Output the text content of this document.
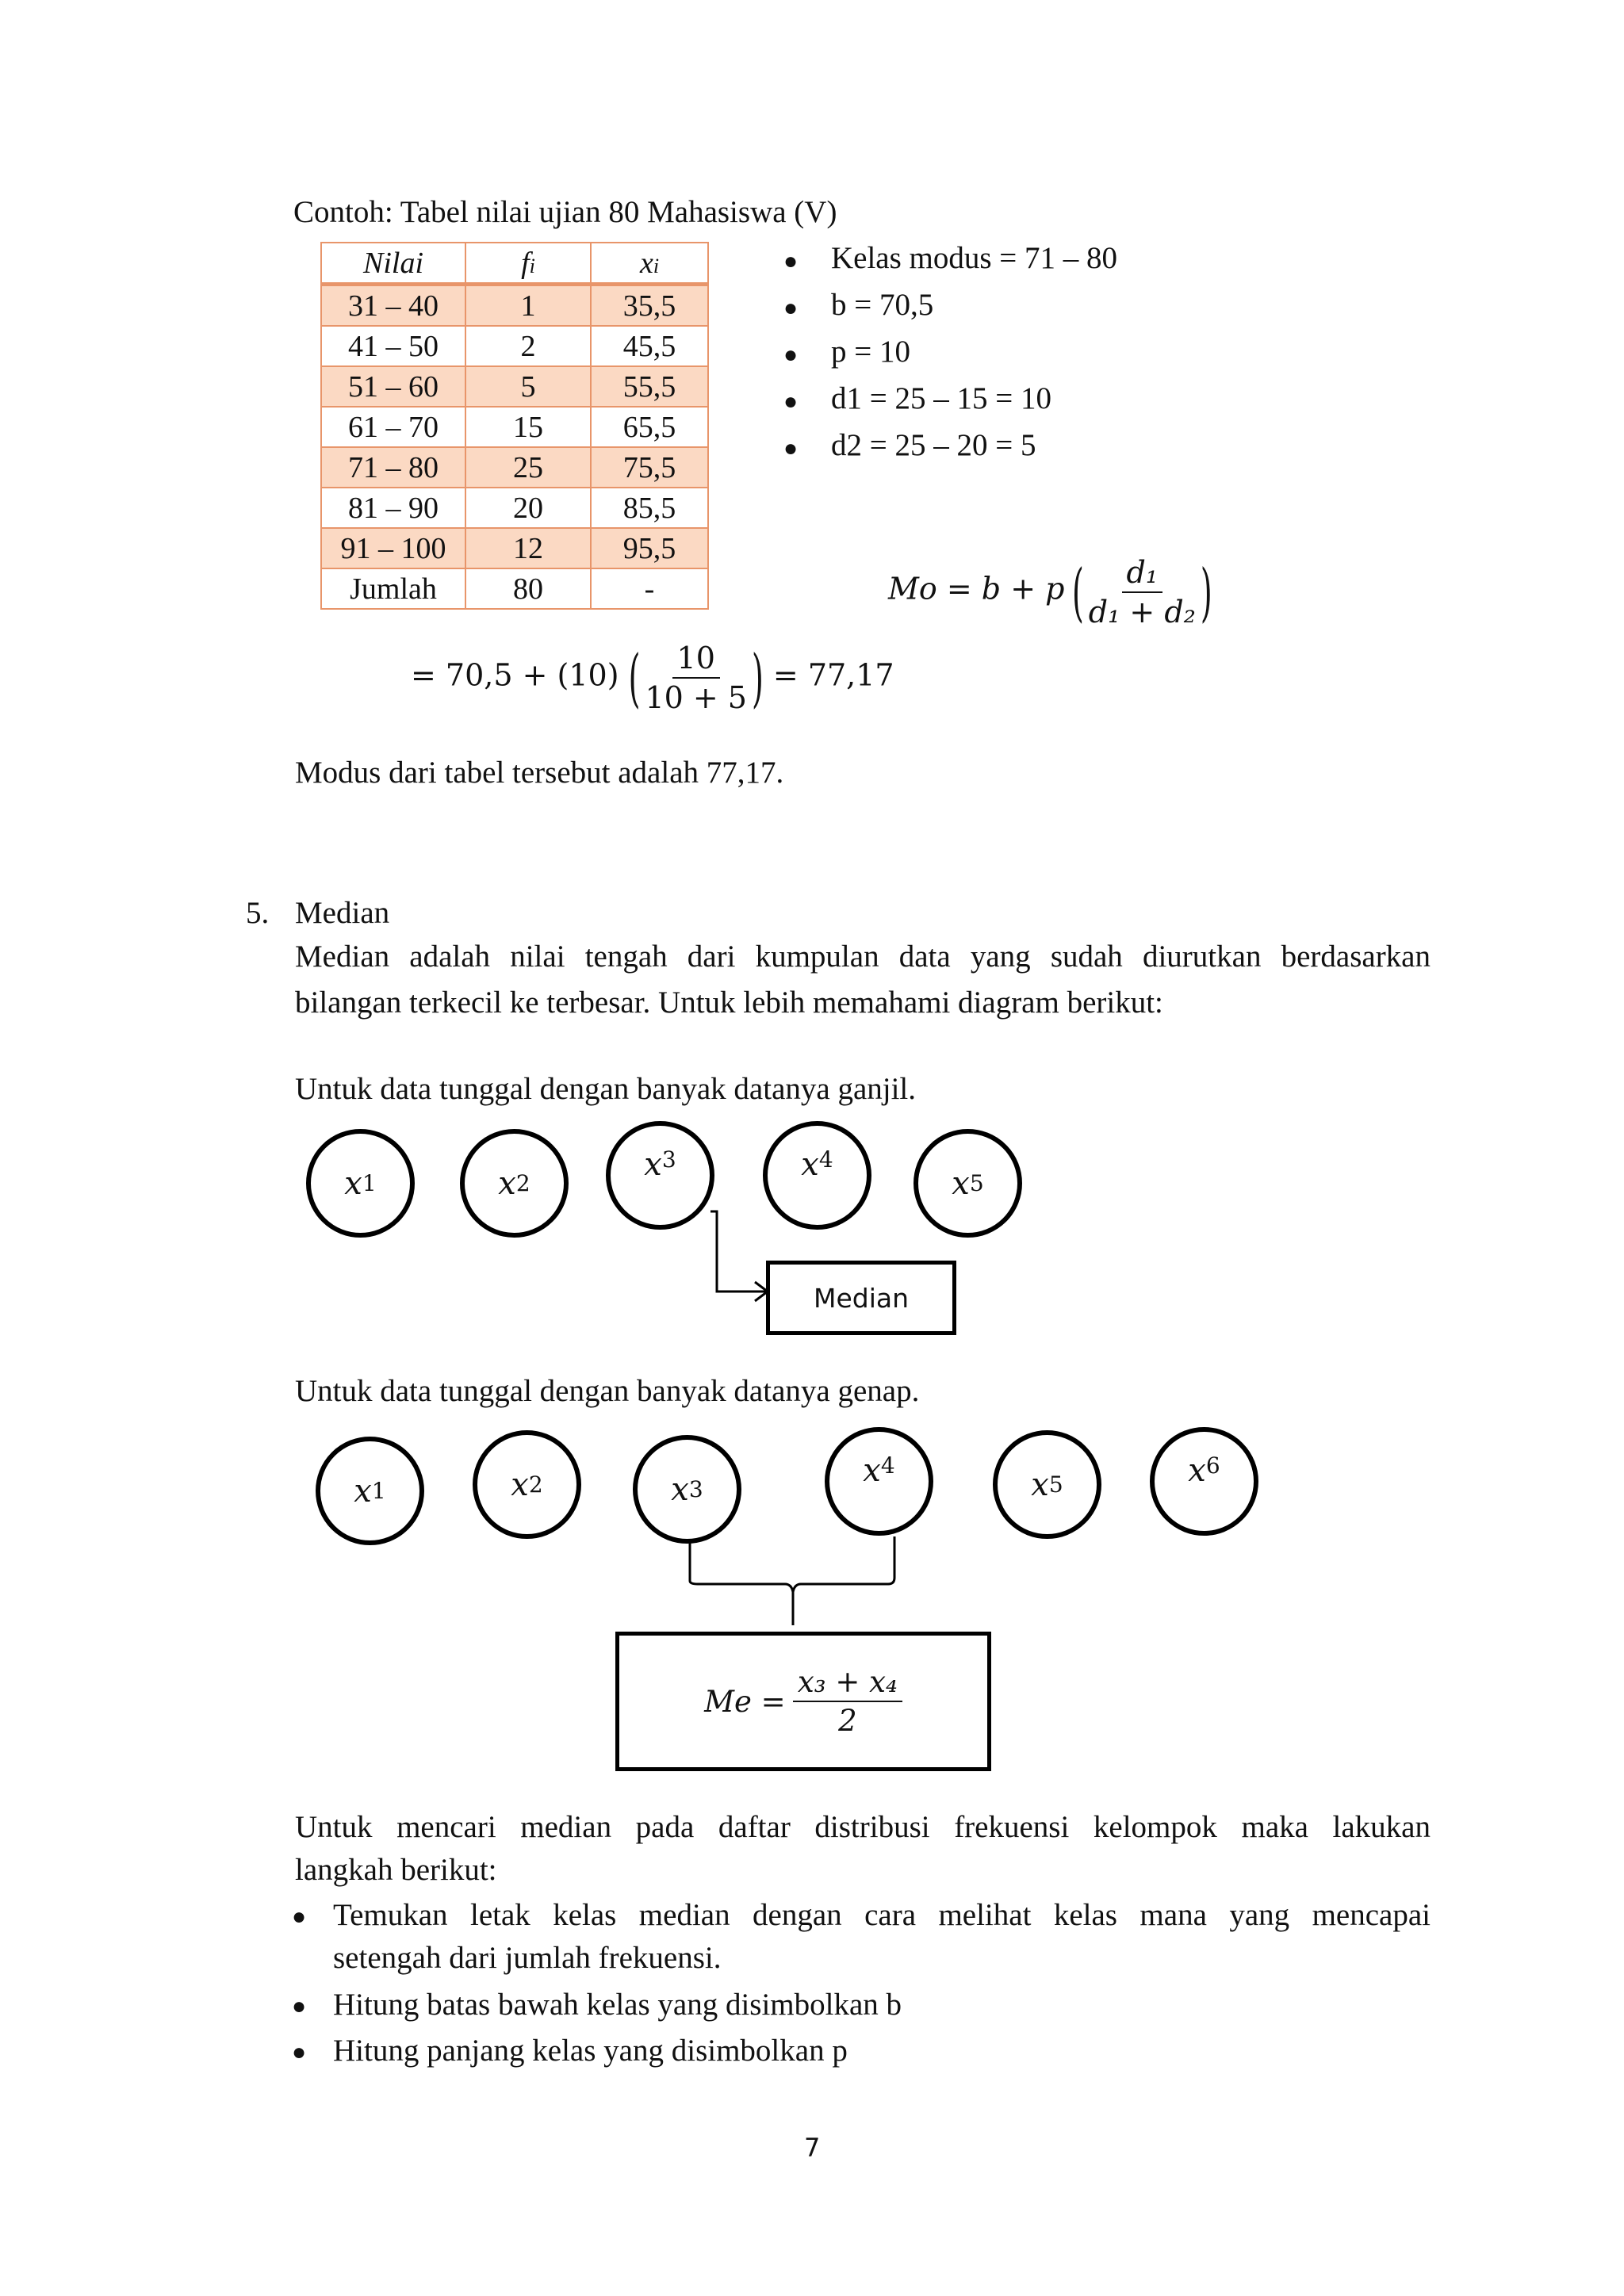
Contoh: Tabel nilai ujian 80 Mahasiswa (V)
Nilai	fi	xi
31 – 40	1	35,5
41 – 50	2	45,5
51 – 60	5	55,5
61 – 70	15	65,5
71 – 80	25	75,5
81 – 90	20	85,5
91 – 100	12	95,5
Jumlah	80	-
● Kelas modus = 71 – 80
● b = 70,5
● p = 10
● d1 = 25 – 15 = 10
● d2 = 25 – 20 = 5
Mo = b + p ( $\frac{\text{d₁}}{\text{d₁ + d₂}}$ )
= 70,5 + (10) ( $\frac{10}{10 + 5}$ ) = 77,17
Modus dari tabel tersebut adalah 77,17.
5. Median
Median adalah nilai tengah dari kumpulan data yang sudah diurutkan berdasarkan
bilangan terkecil ke terbesar. Untuk lebih memahami diagram berikut:
Untuk data tunggal dengan banyak datanya ganjil.
x 1	x 2
x 3	x 4
x 5
Median
Untuk data tunggal dengan banyak datanya genap.
x 1	x 2	x 3
x 4
x 5	x 6
Me =
$\frac{\text{x₃ + x₄}}{2}$
Untuk mencari median pada daftar distribusi frekuensi kelompok maka lakukan
langkah berikut:
● Temukan letak kelas median dengan cara melihat kelas mana yang mencapai
setengah dari jumlah frekuensi.
● Hitung batas bawah kelas yang disimbolkan b
● Hitung panjang kelas yang disimbolkan p
7
